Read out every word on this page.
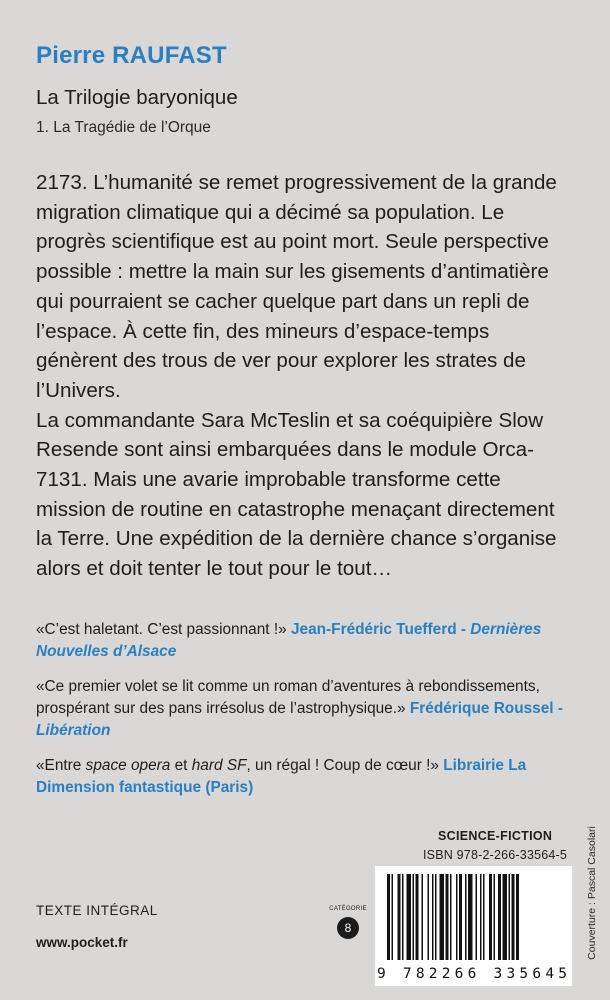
Pierre RAUFAST
La Trilogie baryonique
1. La Tragédie de l’Orque

2173. L’humanité se remet progressivement de la grande migration climatique qui a décimé sa population. Le progrès scientifique est au point mort. Seule perspective possible : mettre la main sur les gisements d’antimatière qui pourraient se cacher quelque part dans un repli de l’espace. À cette fin, des mineurs d’espace-temps génèrent des trous de ver pour explorer les strates de l’Univers.

La commandante Sara McTeslin et sa coéquipière Slow Resende sont ainsi embarquées dans le module Orca-7131. Mais une avarie improbable transforme cette mission de routine en catastrophe menaçant directement la Terre. Une expédition de la dernière chance s’organise alors et doit tenter le tout pour le tout…

«C’est haletant. C’est passionnant !» Jean-Frédéric Tuefferd - Dernières Nouvelles d’Alsace

«Ce premier volet se lit comme un roman d’aventures à rebondissements, prospérant sur des pans irrésolus de l’astrophysique.» Frédérique Roussel - Libération

«Entre space opera et hard SF, un régal ! Coup de cœur !» Librairie La Dimension fantastique (Paris)

Couverture : Pascal Casolari
SCIENCE-FICTION
ISBN 978-2-266-33564-5
9 782266 335645
TEXTE INTÉGRAL
www.pocket.fr
CATÉGORIE
8
